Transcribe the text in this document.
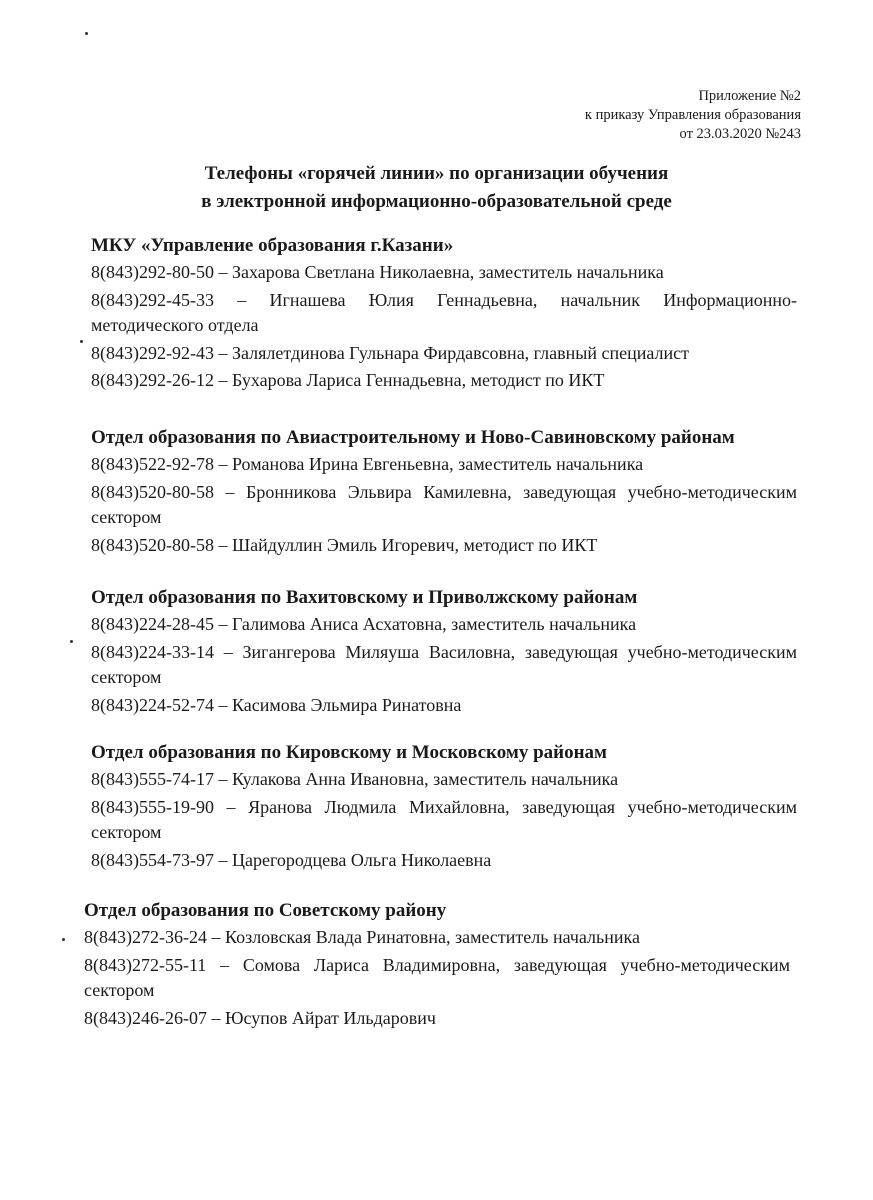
Приложение №2
к приказу Управления образования
от 23.03.2020 №243
Телефоны «горячей линии» по организации обучения
в электронной информационно-образовательной среде
МКУ «Управление образования г.Казани»
8(843)292-80-50 – Захарова Светлана Николаевна, заместитель начальника
8(843)292-45-33 – Игнашева Юлия Геннадьевна, начальник Информационно-методического отдела
8(843)292-92-43 – Залялетдинова Гульнара Фирдавсовна, главный специалист
8(843)292-26-12 – Бухарова Лариса Геннадьевна, методист по ИКТ
Отдел образования по Авиастроительному и Ново-Савиновскому районам
8(843)522-92-78 – Романова Ирина Евгеньевна, заместитель начальника
8(843)520-80-58 – Бронникова Эльвира Камилевна, заведующая учебно-методическим сектором
8(843)520-80-58 – Шайдуллин Эмиль Игоревич, методист по ИКТ
Отдел образования по Вахитовскому и Приволжскому районам
8(843)224-28-45 – Галимова Аниса Асхатовна, заместитель начальника
8(843)224-33-14 – Зигангерова Миляуша Василовна, заведующая учебно-методическим сектором
8(843)224-52-74 – Касимова Эльмира Ринатовна
Отдел образования по Кировскому и Московскому районам
8(843)555-74-17 – Кулакова Анна Ивановна, заместитель начальника
8(843)555-19-90 – Яранова Людмила Михайловна, заведующая учебно-методическим сектором
8(843)554-73-97 – Царегородцева Ольга Николаевна
Отдел образования по Советскому району
8(843)272-36-24 – Козловская Влада Ринатовна, заместитель начальника
8(843)272-55-11 – Сомова Лариса Владимировна, заведующая учебно-методическим сектором
8(843)246-26-07 – Юсупов Айрат Ильдарович
